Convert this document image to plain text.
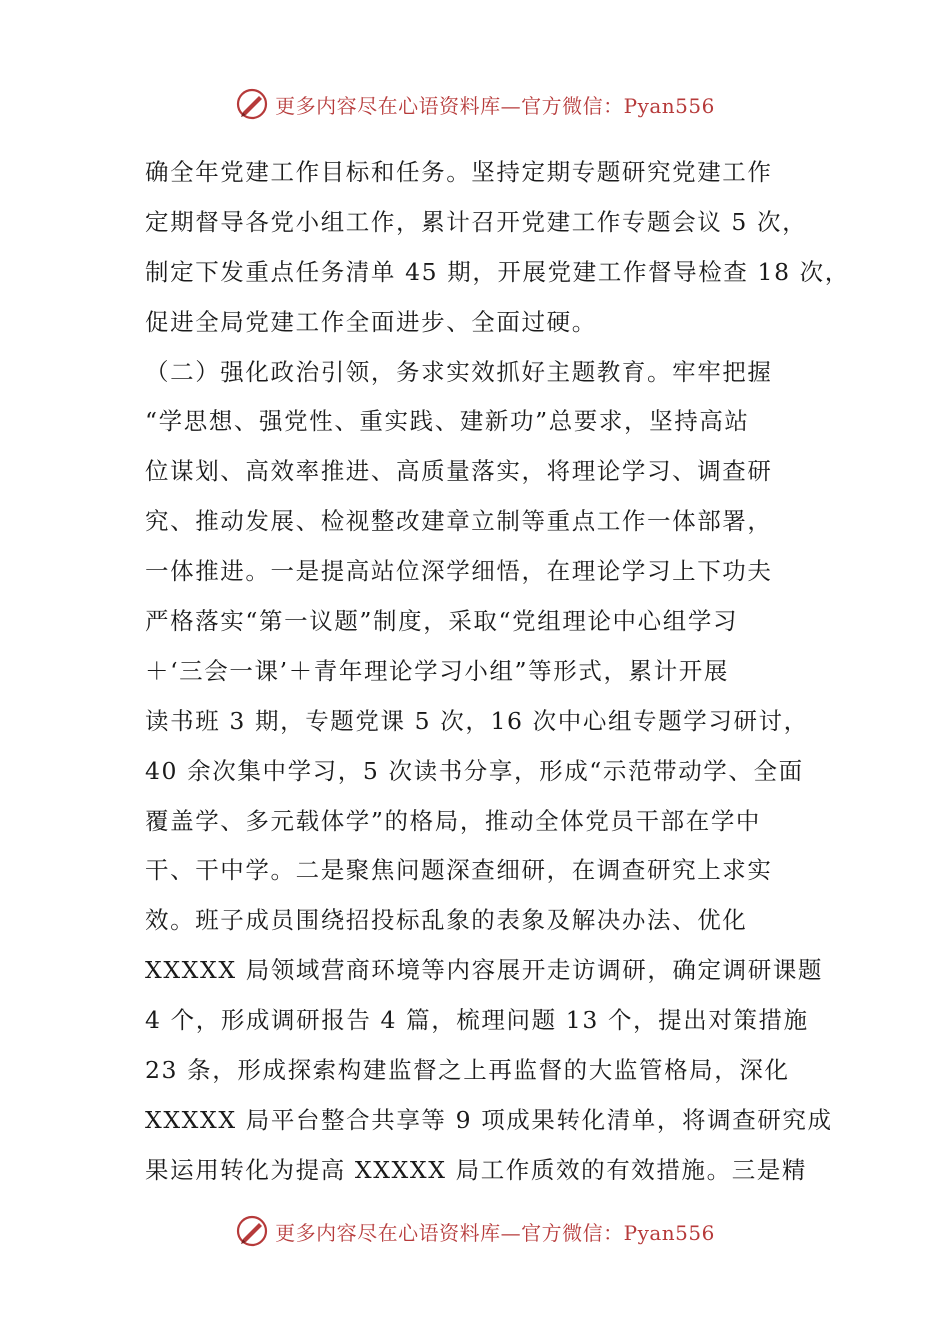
更多内容尽在心语资料库—官方微信：Pyan556
确全年党建工作目标和任务。坚持定期专题研究党建工作
定期督导各党小组工作，累计召开党建工作专题会议 5 次，
制定下发重点任务清单 45 期，开展党建工作督导检查 18 次，
促进全局党建工作全面进步、全面过硬。
（二）强化政治引领，务求实效抓好主题教育。牢牢把握
“学思想、强党性、重实践、建新功”总要求，坚持高站
位谋划、高效率推进、高质量落实，将理论学习、调查研
究、推动发展、检视整改建章立制等重点工作一体部署，
一体推进。一是提高站位深学细悟，在理论学习上下功夫
严格落实“第一议题”制度，采取“党组理论中心组学习
＋‘三会一课’＋青年理论学习小组”等形式，累计开展
读书班 3 期，专题党课 5 次，16 次中心组专题学习研讨，
40 余次集中学习，5 次读书分享，形成“示范带动学、全面
覆盖学、多元载体学”的格局，推动全体党员干部在学中
干、干中学。二是聚焦问题深查细研，在调查研究上求实
效。班子成员围绕招投标乱象的表象及解决办法、优化
XXXXX 局领域营商环境等内容展开走访调研，确定调研课题
4 个，形成调研报告 4 篇，梳理问题 13 个，提出对策措施
23 条，形成探索构建监督之上再监督的大监管格局，深化
XXXXX 局平台整合共享等 9 项成果转化清单，将调查研究成
果运用转化为提高 XXXXX 局工作质效的有效措施。三是精
更多内容尽在心语资料库—官方微信：Pyan556
